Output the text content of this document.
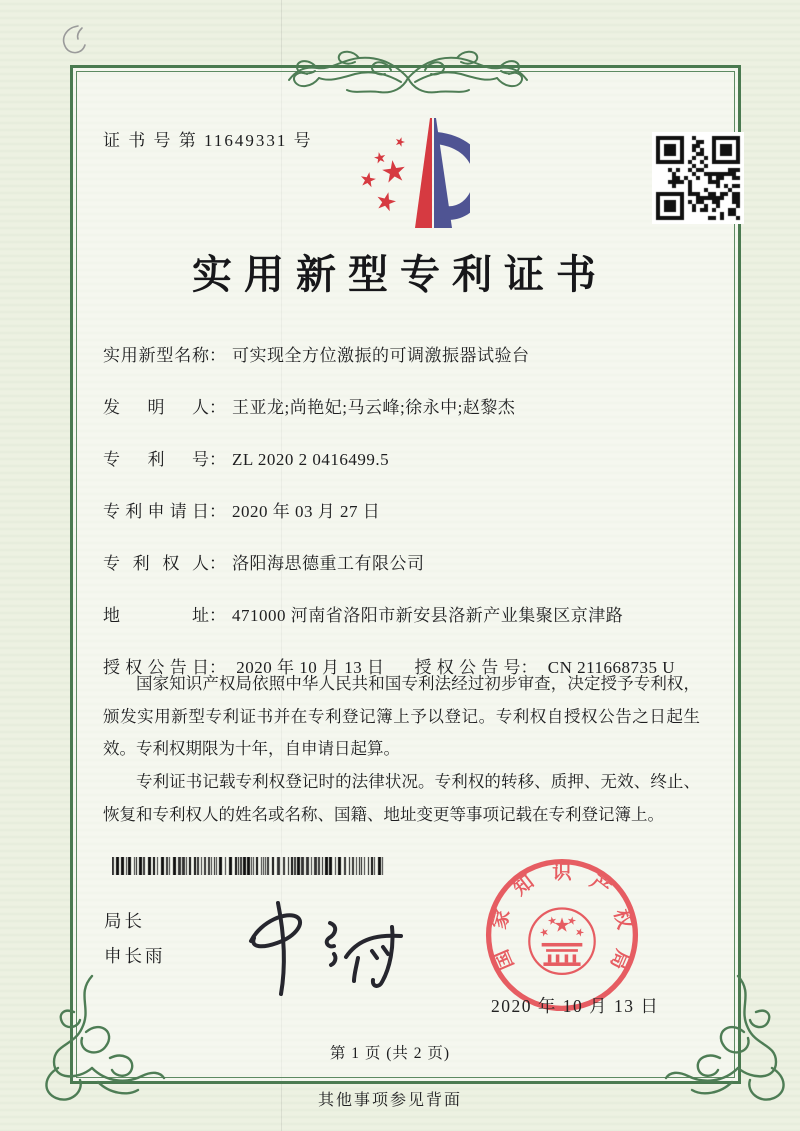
证 书 号 第 11649331 号
实用新型专利证书
实用新型名称 ： 可实现全方位激振的可调激振器试验台
发明人 ： 王亚龙;尚艳妃;马云峰;徐永中;赵黎杰
专利号 ： ZL 2020 2 0416499.5
专利申请日 ： 2020 年 03 月 27 日
专利权人 ： 洛阳海思德重工有限公司
地址 ： 471000 河南省洛阳市新安县洛新产业集聚区京津路
授权公告日： 2020 年 10 月 13 日 授权公告号： CN 211668735 U

国家知识产权局依照中华人民共和国专利法经过初步审查，决定授予专利权，颁发实用新型专利证书并在专利登记簿上予以登记。专利权自授权公告之日起生效。专利权期限为十年，自申请日起算。

专利证书记载专利权登记时的法律状况。专利权的转移、质押、无效、终止、恢复和专利权人的姓名或名称、国籍、地址变更等事项记载在专利登记簿上。

局长
申长雨	国
家
知 识 产
权
局
2020 年 10 月 13 日
第 1 页 (共 2 页)
其他事项参见背面
